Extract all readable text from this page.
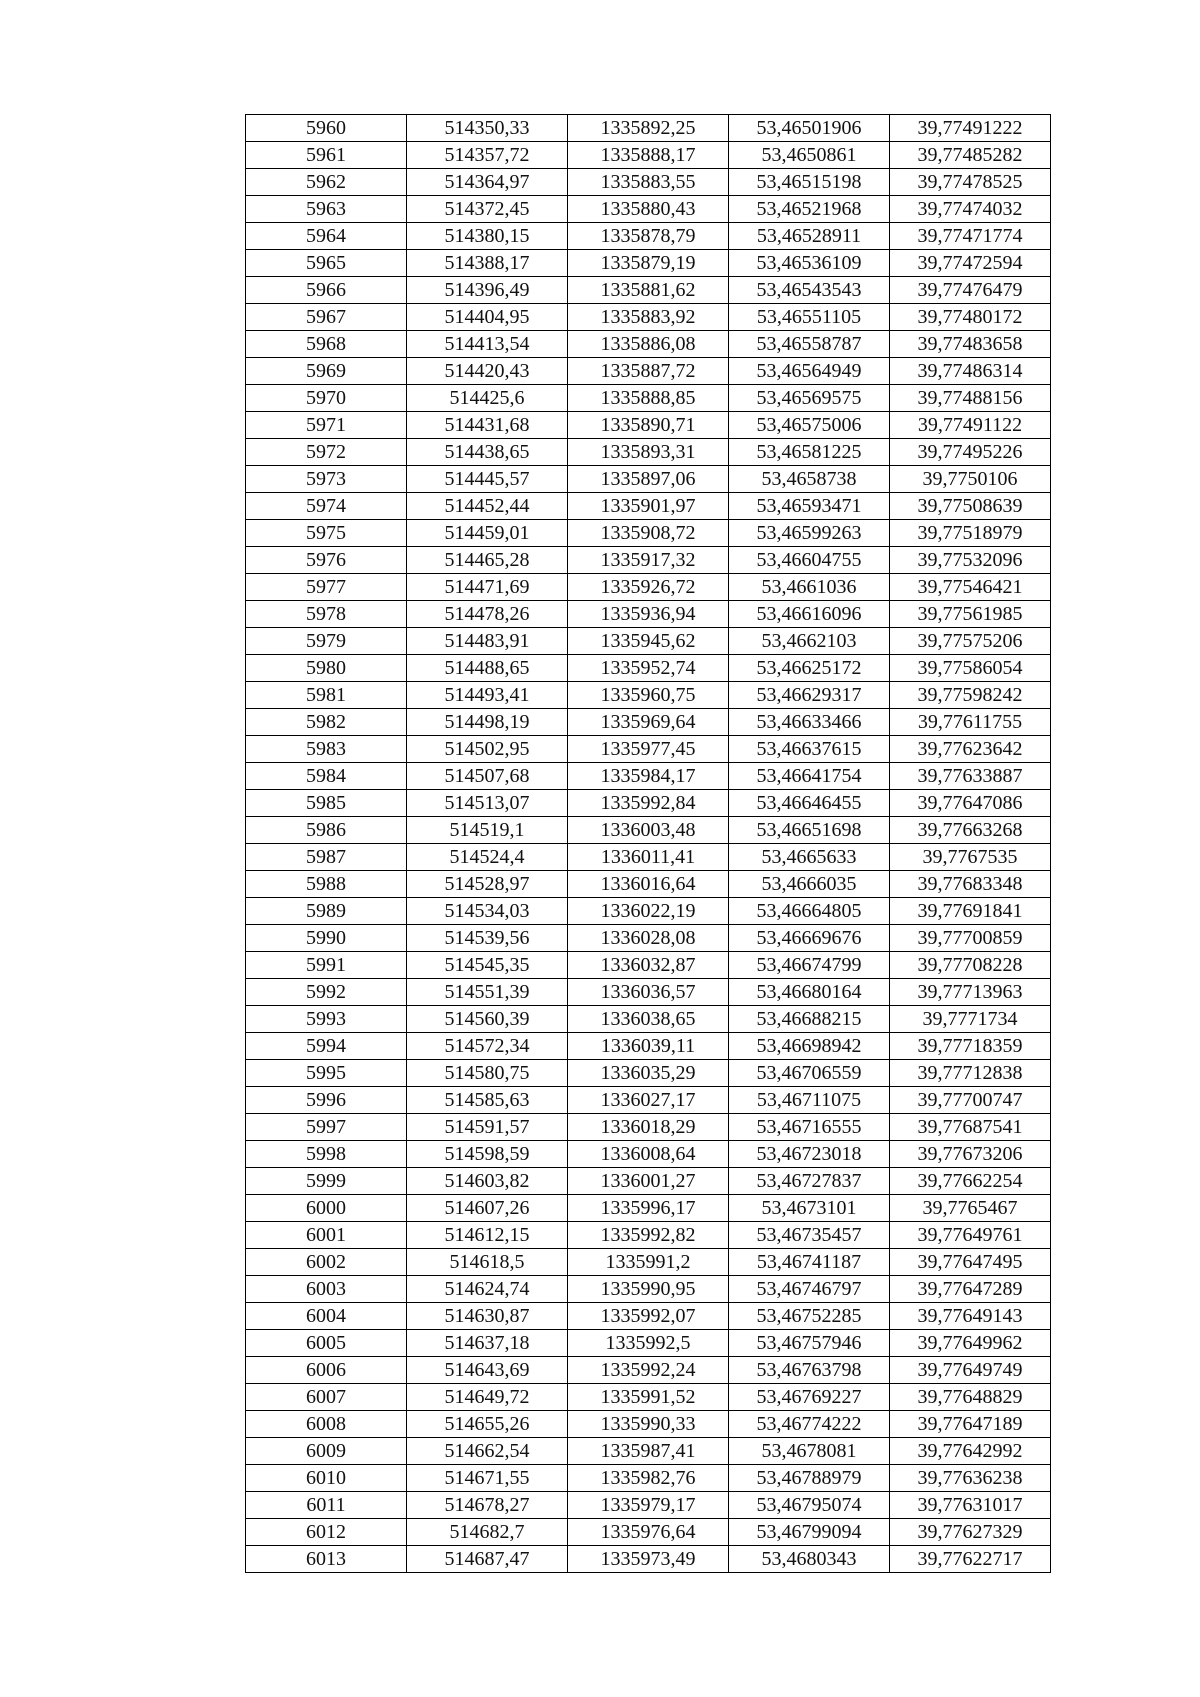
5960	514350,33	1335892,25	53,46501906	39,77491222
5961	514357,72	1335888,17	53,4650861	39,77485282
5962	514364,97	1335883,55	53,46515198	39,77478525
5963	514372,45	1335880,43	53,46521968	39,77474032
5964	514380,15	1335878,79	53,46528911	39,77471774
5965	514388,17	1335879,19	53,46536109	39,77472594
5966	514396,49	1335881,62	53,46543543	39,77476479
5967	514404,95	1335883,92	53,46551105	39,77480172
5968	514413,54	1335886,08	53,46558787	39,77483658
5969	514420,43	1335887,72	53,46564949	39,77486314
5970	514425,6	1335888,85	53,46569575	39,77488156
5971	514431,68	1335890,71	53,46575006	39,77491122
5972	514438,65	1335893,31	53,46581225	39,77495226
5973	514445,57	1335897,06	53,4658738	39,7750106
5974	514452,44	1335901,97	53,46593471	39,77508639
5975	514459,01	1335908,72	53,46599263	39,77518979
5976	514465,28	1335917,32	53,46604755	39,77532096
5977	514471,69	1335926,72	53,4661036	39,77546421
5978	514478,26	1335936,94	53,46616096	39,77561985
5979	514483,91	1335945,62	53,4662103	39,77575206
5980	514488,65	1335952,74	53,46625172	39,77586054
5981	514493,41	1335960,75	53,46629317	39,77598242
5982	514498,19	1335969,64	53,46633466	39,77611755
5983	514502,95	1335977,45	53,46637615	39,77623642
5984	514507,68	1335984,17	53,46641754	39,77633887
5985	514513,07	1335992,84	53,46646455	39,77647086
5986	514519,1	1336003,48	53,46651698	39,77663268
5987	514524,4	1336011,41	53,4665633	39,7767535
5988	514528,97	1336016,64	53,4666035	39,77683348
5989	514534,03	1336022,19	53,46664805	39,77691841
5990	514539,56	1336028,08	53,46669676	39,77700859
5991	514545,35	1336032,87	53,46674799	39,77708228
5992	514551,39	1336036,57	53,46680164	39,77713963
5993	514560,39	1336038,65	53,46688215	39,7771734
5994	514572,34	1336039,11	53,46698942	39,77718359
5995	514580,75	1336035,29	53,46706559	39,77712838
5996	514585,63	1336027,17	53,46711075	39,77700747
5997	514591,57	1336018,29	53,46716555	39,77687541
5998	514598,59	1336008,64	53,46723018	39,77673206
5999	514603,82	1336001,27	53,46727837	39,77662254
6000	514607,26	1335996,17	53,4673101	39,7765467
6001	514612,15	1335992,82	53,46735457	39,77649761
6002	514618,5	1335991,2	53,46741187	39,77647495
6003	514624,74	1335990,95	53,46746797	39,77647289
6004	514630,87	1335992,07	53,46752285	39,77649143
6005	514637,18	1335992,5	53,46757946	39,77649962
6006	514643,69	1335992,24	53,46763798	39,77649749
6007	514649,72	1335991,52	53,46769227	39,77648829
6008	514655,26	1335990,33	53,46774222	39,77647189
6009	514662,54	1335987,41	53,4678081	39,77642992
6010	514671,55	1335982,76	53,46788979	39,77636238
6011	514678,27	1335979,17	53,46795074	39,77631017
6012	514682,7	1335976,64	53,46799094	39,77627329
6013	514687,47	1335973,49	53,4680343	39,77622717
